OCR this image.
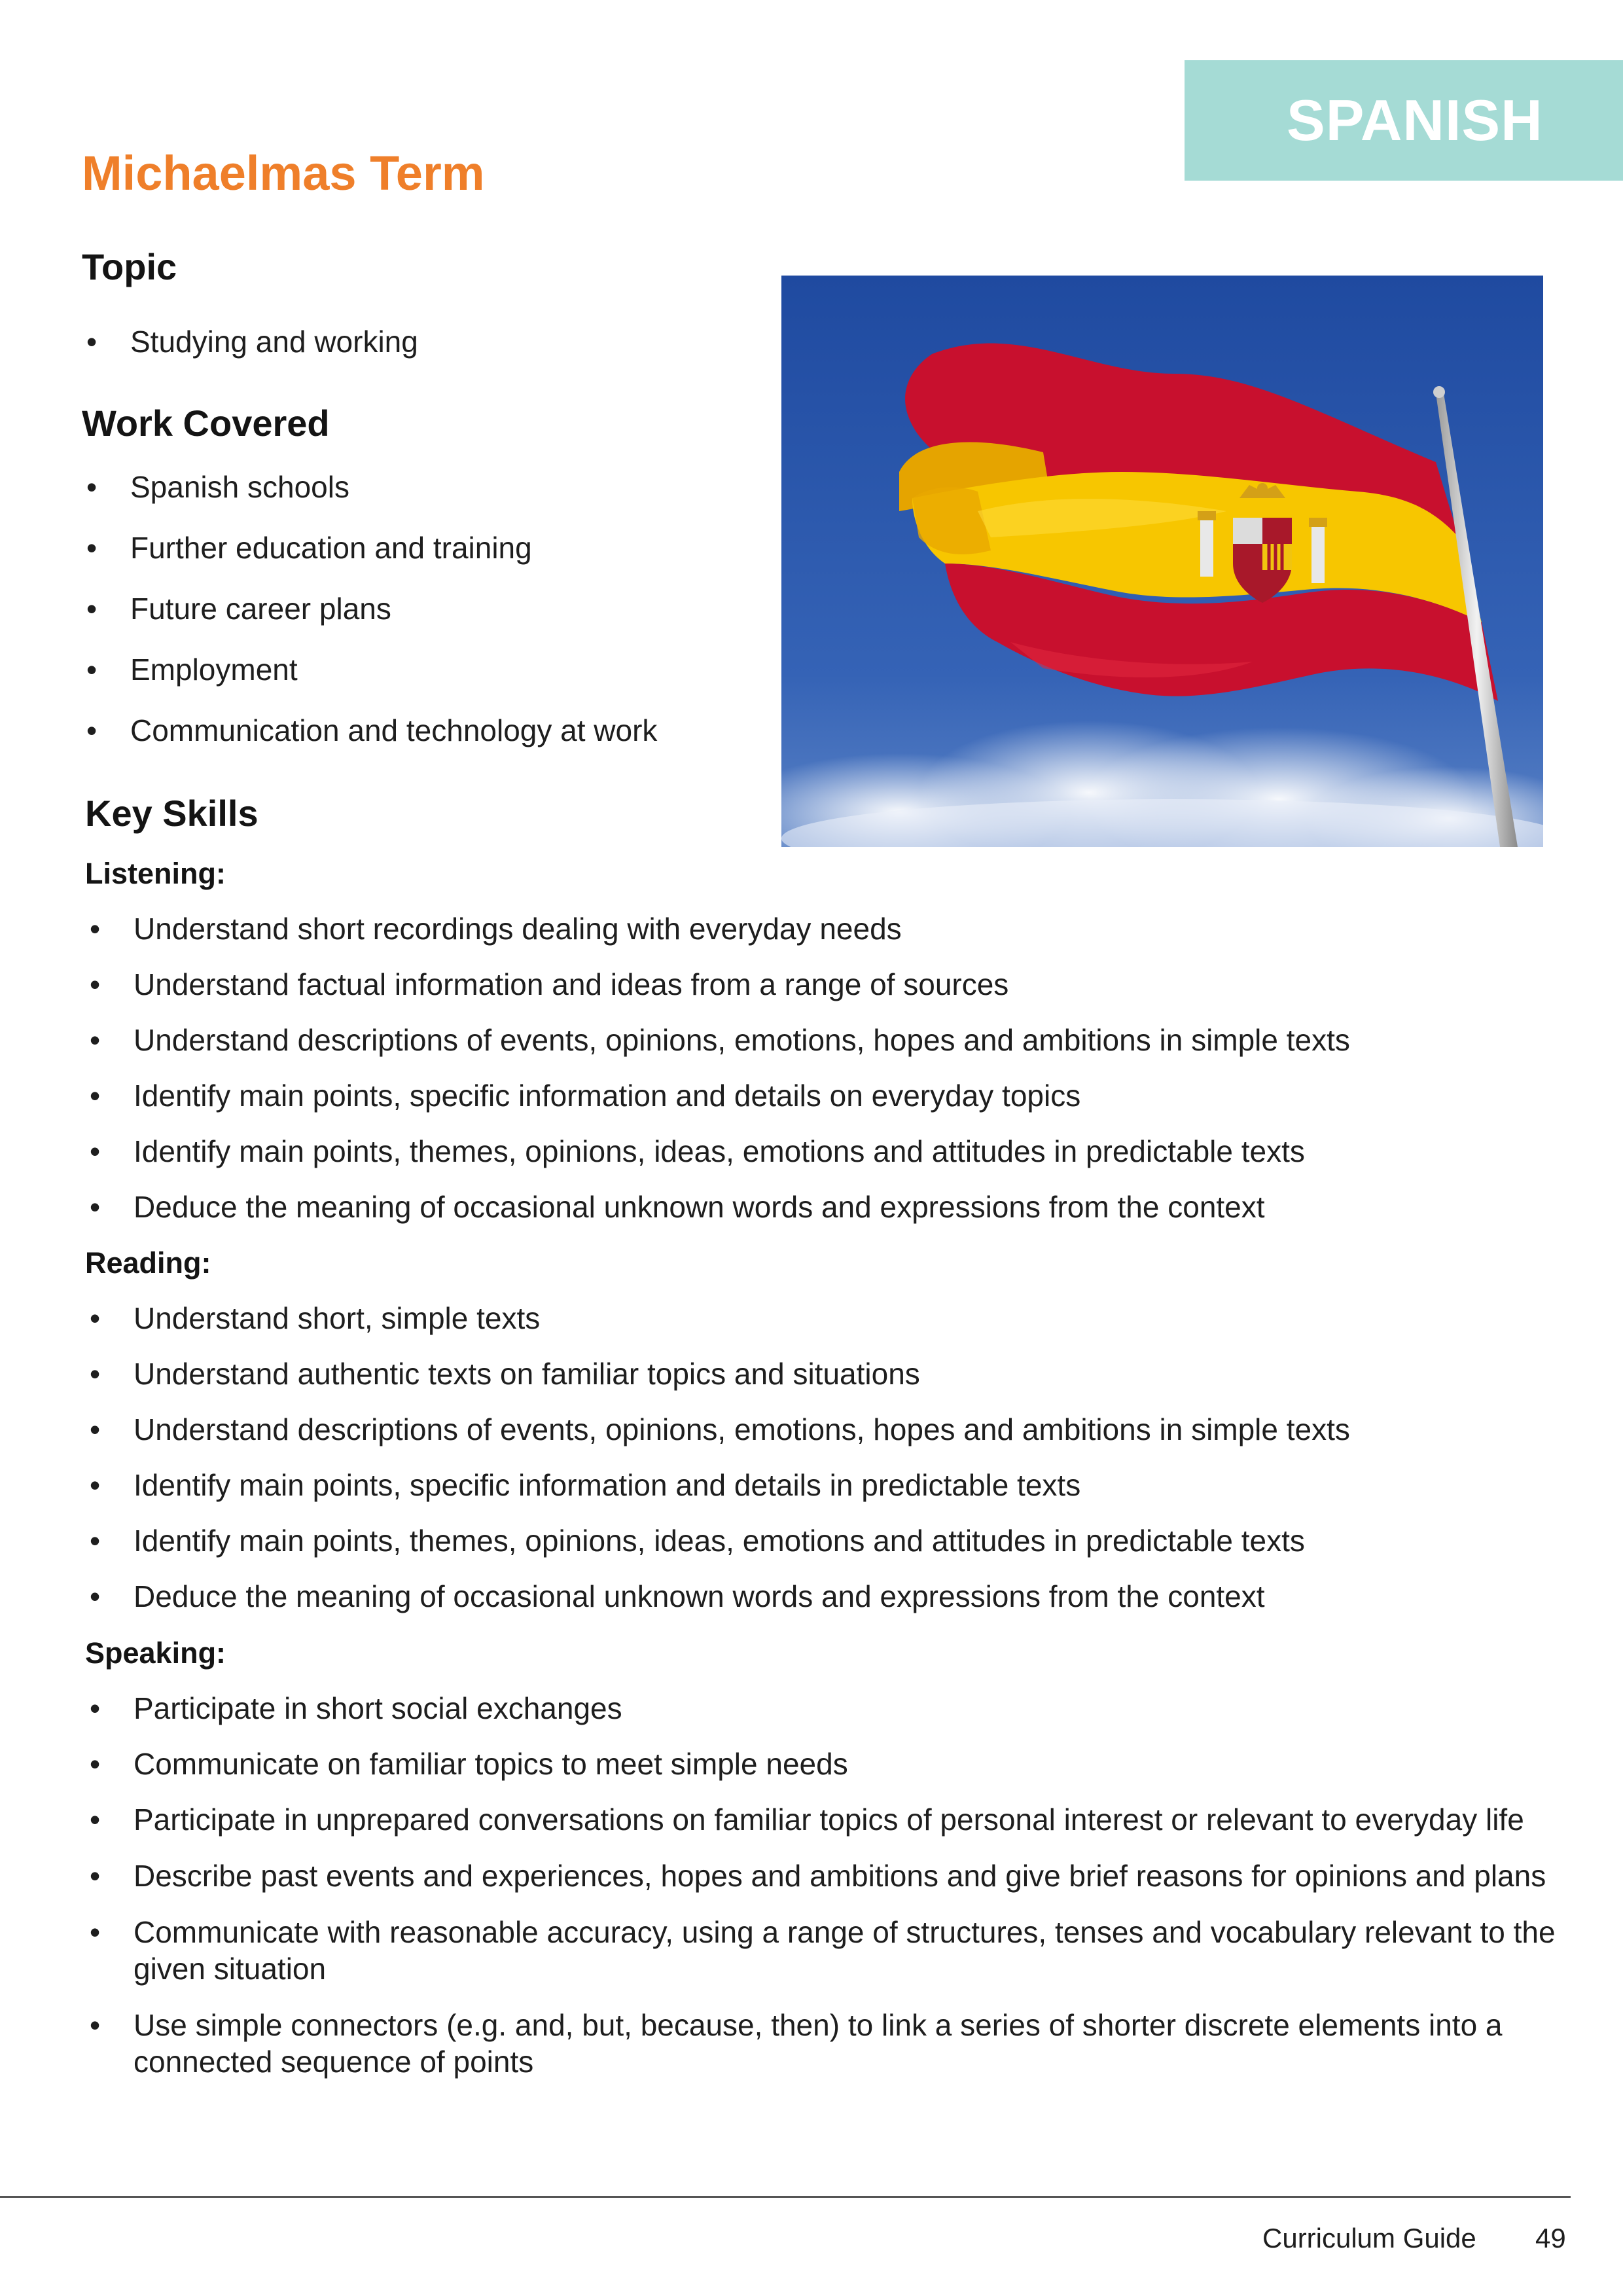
SPANISH
Michaelmas Term
Topic
• Studying and working
Work Covered
• Spanish schools
• Further education and training
• Future career plans
• Employment
• Communication and technology at work
Key Skills
Listening:
• Understand short recordings dealing with everyday needs
• Understand factual information and ideas from a range of sources
• Understand descriptions of events, opinions, emotions, hopes and ambitions in simple texts
• Identify main points, specific information and details on everyday topics
• Identify main points, themes, opinions, ideas, emotions and attitudes in predictable texts
• Deduce the meaning of occasional unknown words and expressions from the context
Reading:
• Understand short, simple texts
• Understand authentic texts on familiar topics and situations
• Understand descriptions of events, opinions, emotions, hopes and ambitions in simple texts
• Identify main points, specific information and details in predictable texts
• Identify main points, themes, opinions, ideas, emotions and attitudes in predictable texts
• Deduce the meaning of occasional unknown words and expressions from the context
Speaking:
• Participate in short social exchanges
• Communicate on familiar topics to meet simple needs
• Participate in unprepared conversations on familiar topics of personal interest or relevant to everyday life
• Describe past events and experiences, hopes and ambitions and give brief reasons for opinions and plans
• Communicate with reasonable accuracy, using a range of structures, tenses and vocabulary relevant to the given situation
• Use simple connectors (e.g. and, but, because, then) to link a series of shorter discrete elements into a connected sequence of points
Curriculum Guide 49
